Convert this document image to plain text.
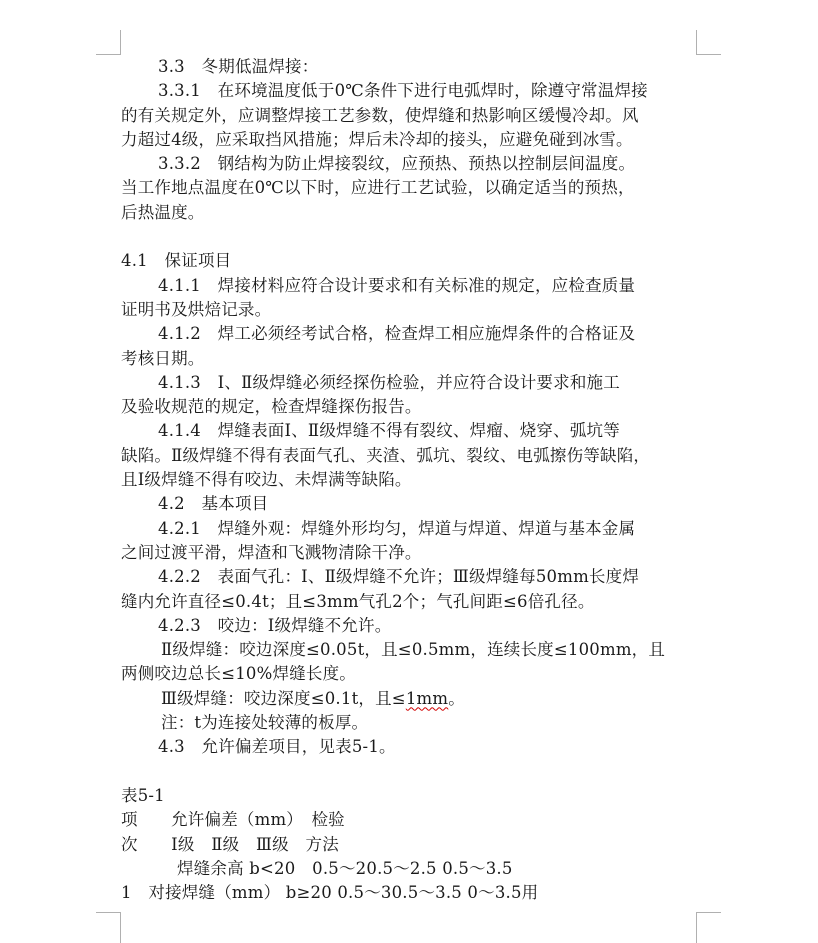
3.3　冬期低温焊接：

3.3.1　在环境温度低于0℃条件下进行电弧焊时，除遵守常温焊接

的有关规定外，应调整焊接工艺参数，使焊缝和热影响区缓慢冷却。风

力超过4级，应采取挡风措施；焊后未冷却的接头，应避免碰到冰雪。

3.3.2　钢结构为防止焊接裂纹，应预热、预热以控制层间温度。

当工作地点温度在0℃以下时，应进行工艺试验，以确定适当的预热，

后热温度。

4.1　保证项目

4.1.1　焊接材料应符合设计要求和有关标准的规定，应检查质量

证明书及烘焙记录。

4.1.2　焊工必须经考试合格，检查焊工相应施焊条件的合格证及

考核日期。

4.1.3　Ⅰ、Ⅱ级焊缝必须经探伤检验，并应符合设计要求和施工

及验收规范的规定，检查焊缝探伤报告。

4.1.4　焊缝表面Ⅰ、Ⅱ级焊缝不得有裂纹、焊瘤、烧穿、弧坑等

缺陷。Ⅱ级焊缝不得有表面气孔、夹渣、弧坑、裂纹、电弧擦伤等缺陷，

且Ⅰ级焊缝不得有咬边、未焊满等缺陷。

4.2　基本项目

4.2.1　焊缝外观：焊缝外形均匀，焊道与焊道、焊道与基本金属

之间过渡平滑，焊渣和飞溅物清除干净。

4.2.2　表面气孔：Ⅰ、Ⅱ级焊缝不允许；Ⅲ级焊缝每50mm长度焊

缝内允许直径≤0.4t；且≤3mm气孔2个；气孔间距≤6倍孔径。

4.2.3　咬边：Ⅰ级焊缝不允许。

Ⅱ级焊缝：咬边深度≤0.05t，且≤0.5mm，连续长度≤100mm，且

两侧咬边总长≤10%焊缝长度。

Ⅲ级焊缝：咬边深度≤0.1t，且≤1mm。

注：t为连接处较薄的板厚。

4.3　允许偏差项目，见表5-1。

表5-1

项　　允许偏差（mm）　检验

次　　Ⅰ级　Ⅱ级　Ⅲ级　方法

焊缝余高 b<20　0.5～20.5～2.5 0.5～3.5

1　对接焊缝（mm） b≥20 0.5～30.5～3.5 0～3.5用
